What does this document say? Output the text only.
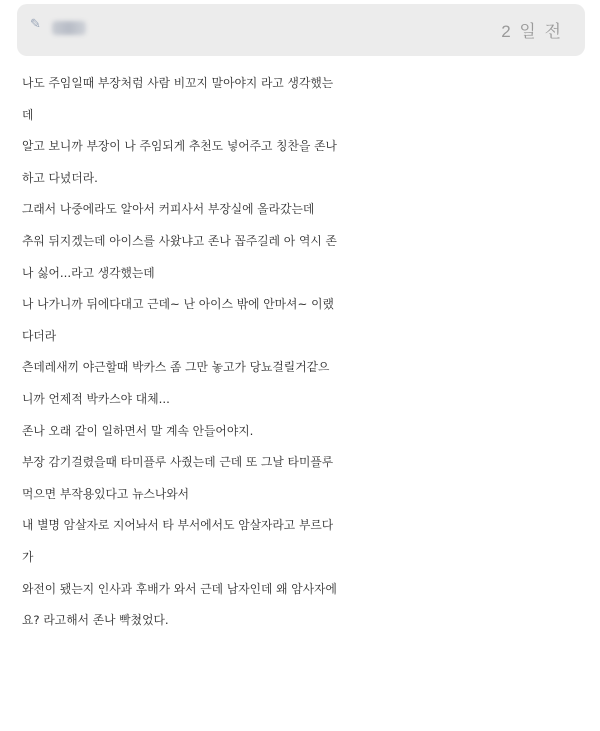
✎	2 일 전
나도 주임일때 부장처럼 사람 비꼬지 말아야지 라고 생각했는
데
알고 보니까 부장이 나 주임되게 추천도 넣어주고 칭찬을 존나
하고 다녔더라.
그래서 나중에라도 알아서 커피사서 부장실에 올라갔는데
추워 뒤지겠는데 아이스를 사왔냐고 존나 꼽주길레 아 역시 존
나 싫어...라고 생각했는데
나 나가니까 뒤에다대고 근데~ 난 아이스 밖에 안마셔~ 이랬
다더라
츤데레새끼 야근할때 박카스 좀 그만 놓고가 당뇨걸릴거같으
니까 언제적 박카스야 대체...
존나 오래 같이 일하면서 말 계속 안들어야지.
부장 감기걸렸을때 타미플루 사줬는데 근데 또 그날 타미플루
먹으면 부작용있다고 뉴스나와서
내 별명 암살자로 지어놔서 타 부서에서도 암살자라고 부르다
가
와전이 됐는지 인사과 후배가 와서 근데 남자인데 왜 암사자에
요? 라고해서 존나 빡쳤었다.
